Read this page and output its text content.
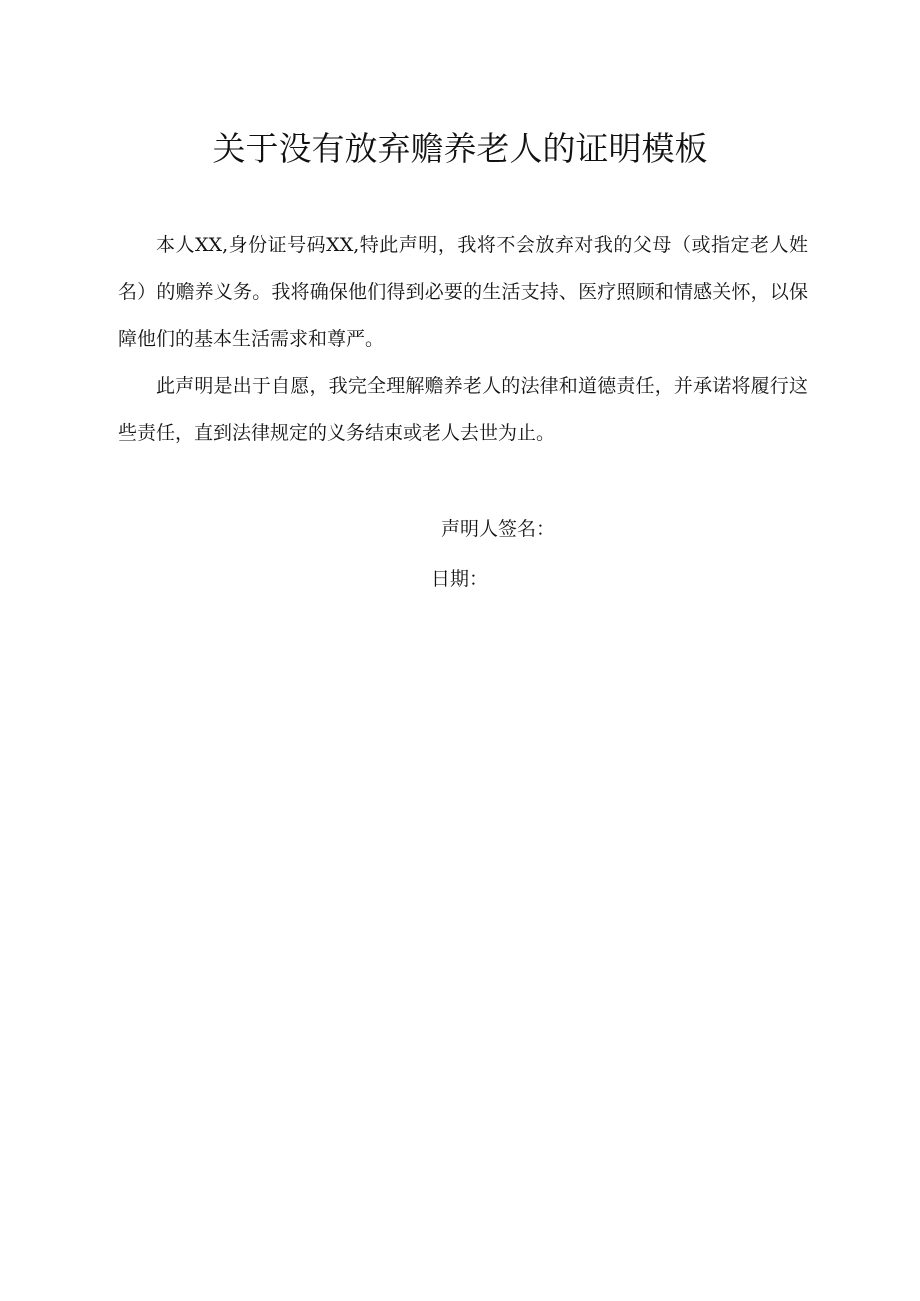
关于没有放弃赡养老人的证明模板

本人XX,身份证号码XX,特此声明，我将不会放弃对我的父母（或指定老人姓名）的赡养义务。我将确保他们得到必要的生活支持、医疗照顾和情感关怀，以保障他们的基本生活需求和尊严。

此声明是出于自愿，我完全理解赡养老人的法律和道德责任，并承诺将履行这些责任，直到法律规定的义务结束或老人去世为止。

声明人签名：
日期：
